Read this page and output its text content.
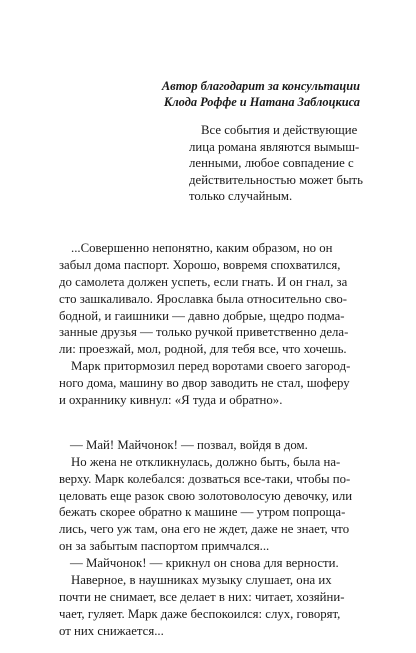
Автор благодарит за консультации
Клода Роффе и Натана Заблоцкиса
Все события и действующие
лица романа являются вымыш-
ленными, любое совпадение с
действительностью может быть
только случайным.
...Совершенно непонятно, каким образом, но он
забыл дома паспорт. Хорошо, вовремя спохватился,
до самолета должен успеть, если гнать. И он гнал, за
сто зашкаливало. Ярославка была относительно сво-
бодной, и гаишники — давно добрые, щедро подма-
занные друзья — только ручкой приветственно дела-
ли: проезжай, мол, родной, для тебя все, что хочешь.
Марк притормозил перед воротами своего загород-
ного дома, машину во двор заводить не стал, шоферу
и охраннику кивнул: «Я туда и обратно».
— Май! Майчонок! — позвал, войдя в дом.
Но жена не откликнулась, должно быть, была на-
верху. Марк колебался: дозваться все-таки, чтобы по-
целовать еще разок свою золотоволосую девочку, или
бежать скорее обратно к машине — утром попроща-
лись, чего уж там, она его не ждет, даже не знает, что
он за забытым паспортом примчался...
— Майчонок! — крикнул он снова для верности.
Наверное, в наушниках музыку слушает, она их
почти не снимает, все делает в них: читает, хозяйни-
чает, гуляет. Марк даже беспокоился: слух, говорят,
от них снижается...
